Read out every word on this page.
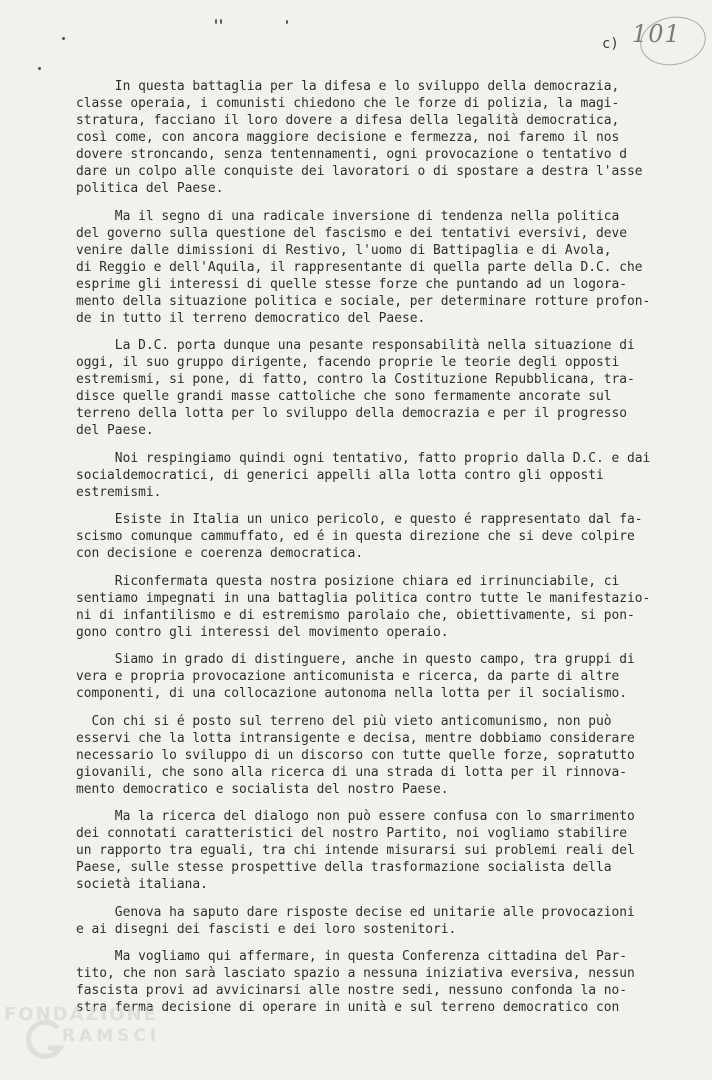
101
c)
In questa battaglia per la difesa e lo sviluppo della democrazia,
classe operaia, i comunisti chiedono che le forze di polizia, la magi-
stratura, facciano il loro dovere a difesa della legalità democratica,
così come, con ancora maggiore decisione e fermezza, noi faremo il nos
dovere stroncando, senza tentennamenti, ogni provocazione o tentativo d
dare un colpo alle conquiste dei lavoratori o di spostare a destra l'asse
politica del Paese.
Ma il segno di una radicale inversione di tendenza nella politica
del governo sulla questione del fascismo e dei tentativi eversivi, deve
venire dalle dimissioni di Restivo, l'uomo di Battipaglia e di Avola,
di Reggio e dell'Aquila, il rappresentante di quella parte della D.C. che
esprime gli interessi di quelle stesse forze che puntando ad un logora-
mento della situazione politica e sociale, per determinare rotture profon-
de in tutto il terreno democratico del Paese.
La D.C. porta dunque una pesante responsabilità nella situazione di
oggi, il suo gruppo dirigente, facendo proprie le teorie degli opposti
estremismi, si pone, di fatto, contro la Costituzione Repubblicana, tra-
disce quelle grandi masse cattoliche che sono fermamente ancorate sul
terreno della lotta per lo sviluppo della democrazia e per il progresso
del Paese.
Noi respingiamo quindi ogni tentativo, fatto proprio dalla D.C. e dai
socialdemocratici, di generici appelli alla lotta contro gli opposti
estremismi.
Esiste in Italia un unico pericolo, e questo é rappresentato dal fa-
scismo comunque cammuffato, ed é in questa direzione che si deve colpire
con decisione e coerenza democratica.
Riconfermata questa nostra posizione chiara ed irrinunciabile, ci
sentiamo impegnati in una battaglia politica contro tutte le manifestazio-
ni di infantilismo e di estremismo parolaio che, obiettivamente, si pon-
gono contro gli interessi del movimento operaio.
Siamo in grado di distinguere, anche in questo campo, tra gruppi di
vera e propria provocazione anticomunista e ricerca, da parte di altre
componenti, di una collocazione autonoma nella lotta per il socialismo.
Con chi si é posto sul terreno del più vieto anticomunismo, non può
esservi che la lotta intransigente e decisa, mentre dobbiamo considerare
necessario lo sviluppo di un discorso con tutte quelle forze, sopratutto
giovanili, che sono alla ricerca di una strada di lotta per il rinnova-
mento democratico e socialista del nostro Paese.
Ma la ricerca del dialogo non può essere confusa con lo smarrimento
dei connotati caratteristici del nostro Partito, noi vogliamo stabilire
un rapporto tra eguali, tra chi intende misurarsi sui problemi reali del
Paese, sulle stesse prospettive della trasformazione socialista della
società italiana.
Genova ha saputo dare risposte decise ed unitarie alle provocazioni
e ai disegni dei fascisti e dei loro sostenitori.
Ma vogliamo qui affermare, in questa Conferenza cittadina del Par-
tito, che non sarà lasciato spazio a nessuna iniziativa eversiva, nessun
fascista provi ad avvicinarsi alle nostre sedi, nessuno confonda la no-
stra ferma decisione di operare in unità e sul terreno democratico con
FONDAZIONE
RAMSCI
